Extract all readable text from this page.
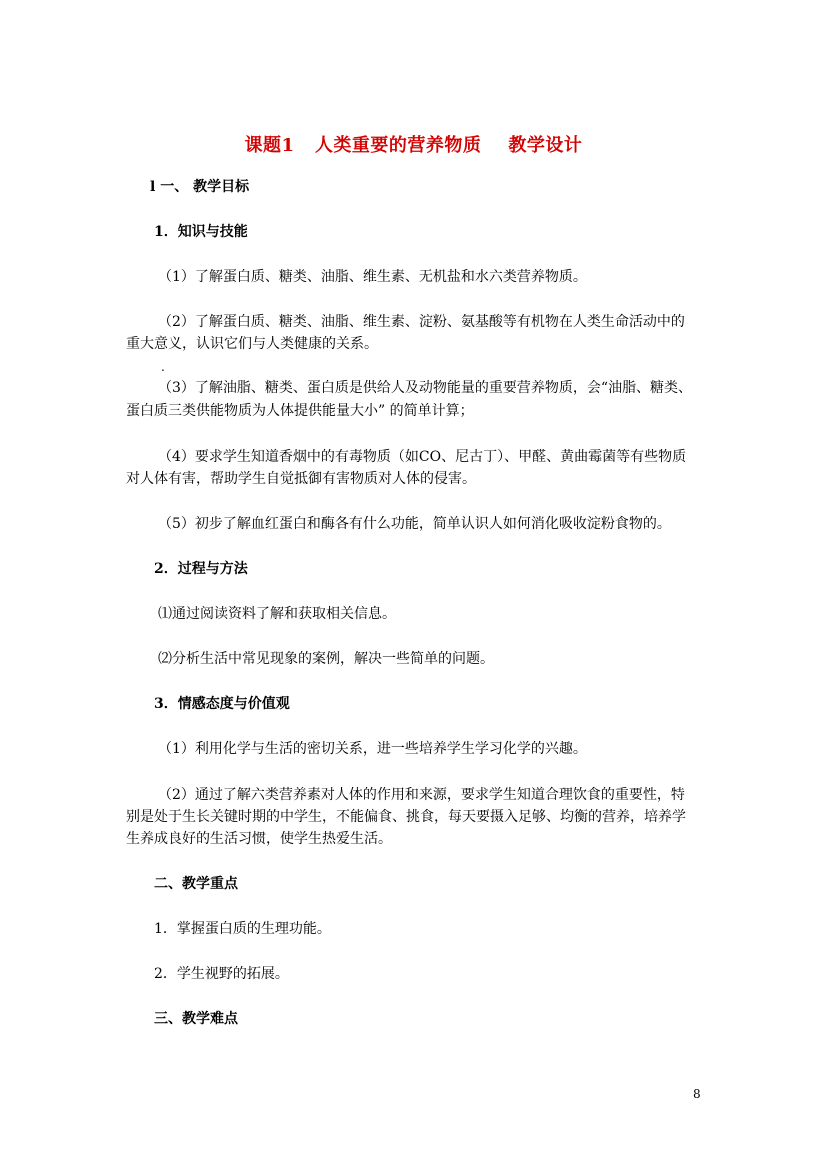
课题1   人类重要的营养物质    教学设计
l 一、 教学目标
1．知识与技能
（1）了解蛋白质、糖类、油脂、维生素、无机盐和水六类营养物质。
（2）了解蛋白质、糖类、油脂、维生素、淀粉、氨基酸等有机物在人类生命活动中的
重大意义，认识它们与人类健康的关系。
.
（3）了解油脂、糖类、蛋白质是供给人及动物能量的重要营养物质，会“油脂、糖类、
蛋白质三类供能物质为人体提供能量大小” 的简单计算；
（4）要求学生知道香烟中的有毒物质（如CO、尼古丁）、甲醛、黄曲霉菌等有些物质
对人体有害，帮助学生自觉抵御有害物质对人体的侵害。
（5）初步了解血红蛋白和酶各有什么功能，简单认识人如何消化吸收淀粉食物的。
2．过程与方法
⑴通过阅读资料了解和获取相关信息。
⑵分析生活中常见现象的案例，解决一些简单的问题。
3．情感态度与价值观
（1）利用化学与生活的密切关系，进一些培养学生学习化学的兴趣。
（2）通过了解六类营养素对人体的作用和来源，要求学生知道合理饮食的重要性，特
别是处于生长关键时期的中学生，不能偏食、挑食，每天要摄入足够、均衡的营养，培养学
生养成良好的生活习惯，使学生热爱生活。
二、教学重点
1．掌握蛋白质的生理功能。
2．学生视野的拓展。
三、教学难点
8
